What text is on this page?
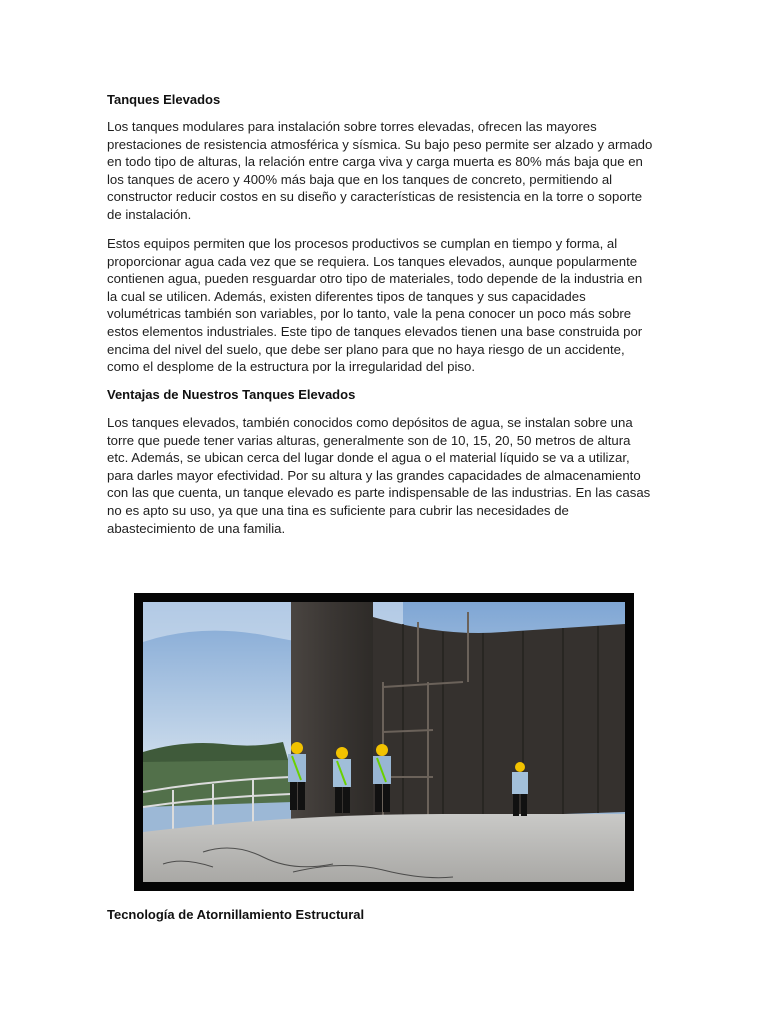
Tanques Elevados

Los tanques modulares para instalación sobre torres elevadas, ofrecen las mayores prestaciones de resistencia atmosférica y sísmica. Su bajo peso permite ser alzado y armado en todo tipo de alturas, la relación entre carga viva y carga muerta es 80% más baja que en los tanques de acero y 400% más baja que en los tanques de concreto, permitiendo al constructor reducir costos en su diseño y características de resistencia en la torre o soporte de instalación.

Estos equipos permiten que los procesos productivos se cumplan en tiempo y forma, al proporcionar agua cada vez que se requiera. Los tanques elevados, aunque popularmente contienen agua, pueden resguardar otro tipo de materiales, todo depende de la industria en la cual se utilicen. Además, existen diferentes tipos de tanques y sus capacidades volumétricas también son variables, por lo tanto, vale la pena conocer un poco más sobre estos elementos industriales. Este tipo de tanques elevados tienen una base construida por encima del nivel del suelo, que debe ser plano para que no haya riesgo de un accidente, como el desplome de la estructura por la irregularidad del piso.

Ventajas de Nuestros Tanques Elevados

Los tanques elevados, también conocidos como depósitos de agua, se instalan sobre una torre que puede tener varias alturas, generalmente son de 10, 15, 20, 50 metros de altura etc. Además, se ubican cerca del lugar donde el agua o el material líquido se va a utilizar, para darles mayor efectividad. Por su altura y las grandes capacidades de almacenamiento con las que cuenta, un tanque elevado es parte indispensable de las industrias. En las casas no es apto su uso, ya que una tina es suficiente para cubrir las necesidades de abastecimiento de una familia.

Tecnología de Atornillamiento Estructural
